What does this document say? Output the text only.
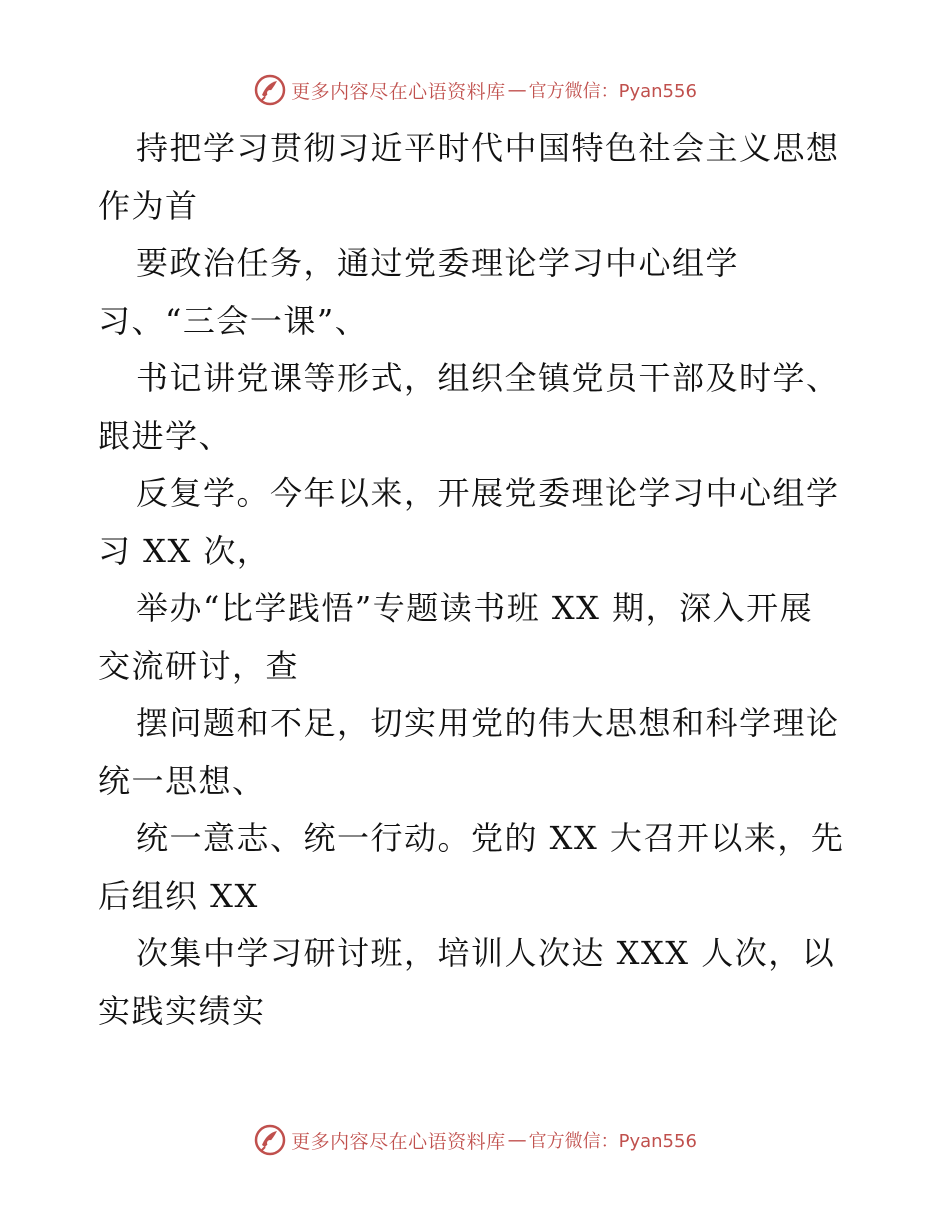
更多内容尽在心语资料库 — 官方微信：Pyan556
持把学习贯彻习近平时代中国特色社会主义思想
作为首
要政治任务，通过党委理论学习中心组学
习、“三会一课”、
书记讲党课等形式，组织全镇党员干部及时学、
跟进学、
反复学。今年以来，开展党委理论学习中心组学
习 XX 次，
举办“比学践悟”专题读书班 XX 期，深入开展
交流研讨，查
摆问题和不足，切实用党的伟大思想和科学理论
统一思想、
统一意志、统一行动。党的 XX 大召开以来，先
后组织 XX
次集中学习研讨班，培训人次达 XXX 人次，以
实践实绩实
更多内容尽在心语资料库 — 官方微信：Pyan556
